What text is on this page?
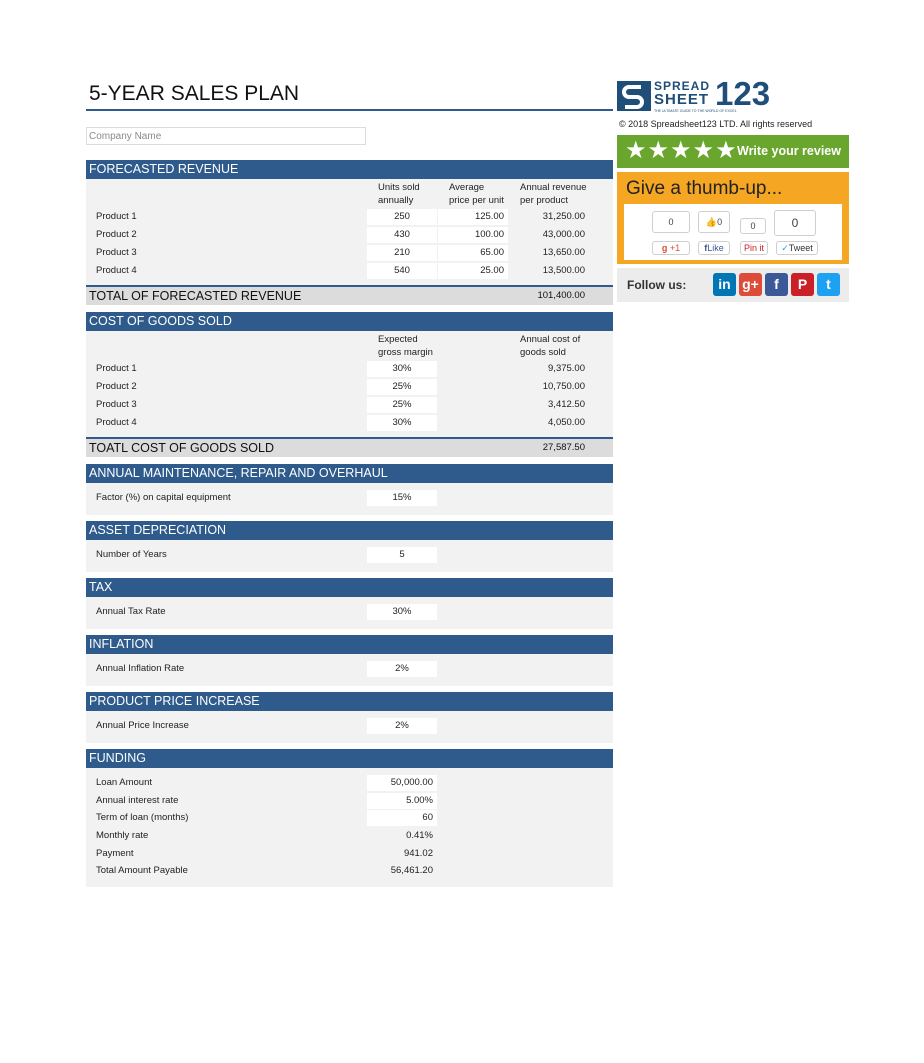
5-YEAR SALES PLAN
Company Name
FORECASTED REVENUE
Units sold
annually
Average
price per unit
Annual revenue
per product
Product 1	250	125.00	31,250.00
Product 2	430	100.00	43,000.00
Product 3	210	65.00	13,650.00
Product 4	540	25.00	13,500.00
TOTAL OF FORECASTED REVENUE	101,400.00
COST OF GOODS SOLD
Expected
gross margin
Annual cost of
goods sold
Product 1	30%	9,375.00
Product 2	25%	10,750.00
Product 3	25%	3,412.50
Product 4	30%	4,050.00
TOATL COST OF GOODS SOLD	27,587.50
ANNUAL MAINTENANCE, REPAIR AND OVERHAUL
Factor (%) on capital equipment	15%
ASSET DEPRECIATION
Number of Years	5
TAX
Annual Tax Rate	30%
INFLATION
Annual Inflation Rate	2%
PRODUCT PRICE INCREASE
Annual Price Increase	2%
FUNDING
Loan Amount	50,000.00
Annual interest rate	5.00%
Term of loan (months)	60
Monthly rate	0.41%
Payment	941.02
Total Amount Payable	56,461.20
SPREAD
SHEET 123
THE ULTIMATE GUIDE TO THE WORLD OF EXCEL
© 2018 Spreadsheet123 LTD. All rights reserved
★★★★★ Write your review
Give a thumb-up...
0	👍0	0	0
g +1	fLike	Pin it	✓Tweet
Follow us:	in g+	f	P	t
